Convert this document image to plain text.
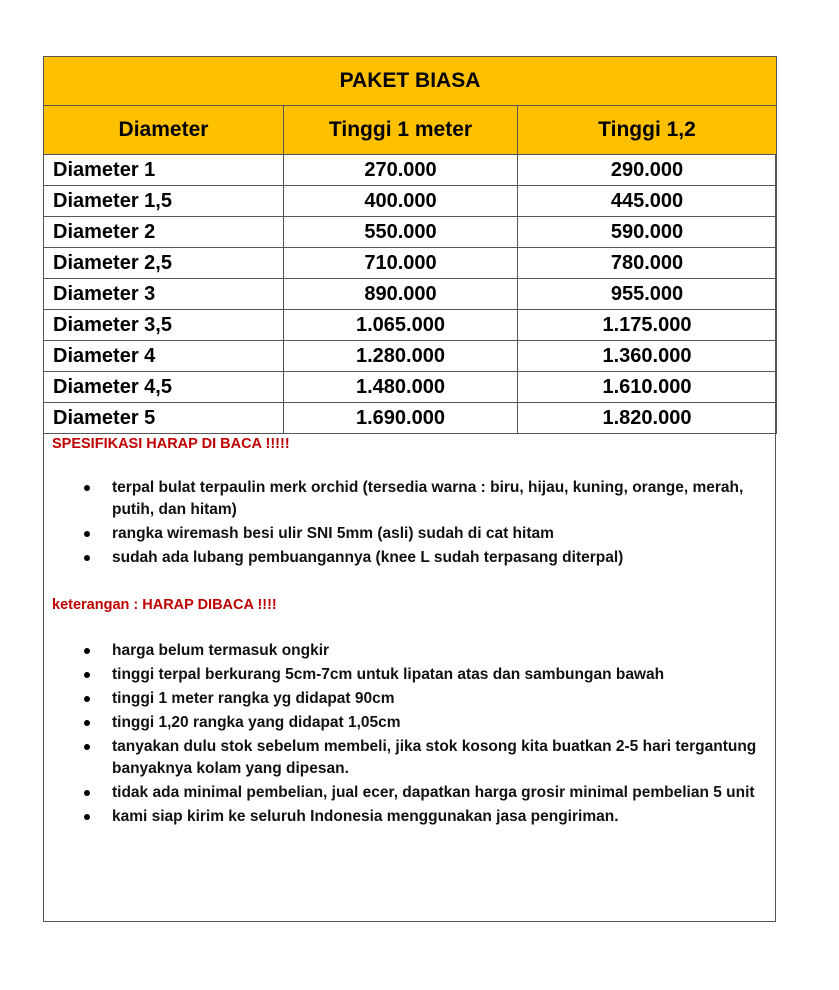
PAKET BIASA		
Diameter	Tinggi 1 meter	Tinggi 1,2
Diameter 1	270.000	290.000
Diameter 1,5	400.000	445.000
Diameter 2	550.000	590.000
Diameter 2,5	710.000	780.000
Diameter 3	890.000	955.000
Diameter 3,5	1.065.000	1.175.000
Diameter 4	1.280.000	1.360.000
Diameter 4,5	1.480.000	1.610.000
Diameter 5	1.690.000	1.820.000
SPESIFIKASI HARAP DI BACA !!!!!
terpal bulat terpaulin merk orchid (tersedia warna : biru, hijau, kuning, orange, merah, putih, dan hitam)
rangka wiremash besi ulir SNI 5mm (asli) sudah di cat hitam
sudah ada lubang pembuangannya (knee L sudah terpasang diterpal)
keterangan : HARAP DIBACA !!!!
harga belum termasuk ongkir
tinggi terpal berkurang 5cm-7cm untuk lipatan atas dan sambungan bawah
tinggi 1 meter rangka yg didapat 90cm
tinggi 1,20 rangka yang didapat 1,05cm
tanyakan dulu stok sebelum membeli, jika stok kosong kita buatkan 2-5 hari tergantung banyaknya kolam yang dipesan.
tidak ada minimal pembelian, jual ecer, dapatkan harga grosir minimal pembelian 5 unit
kami siap kirim ke seluruh Indonesia menggunakan jasa pengiriman.
